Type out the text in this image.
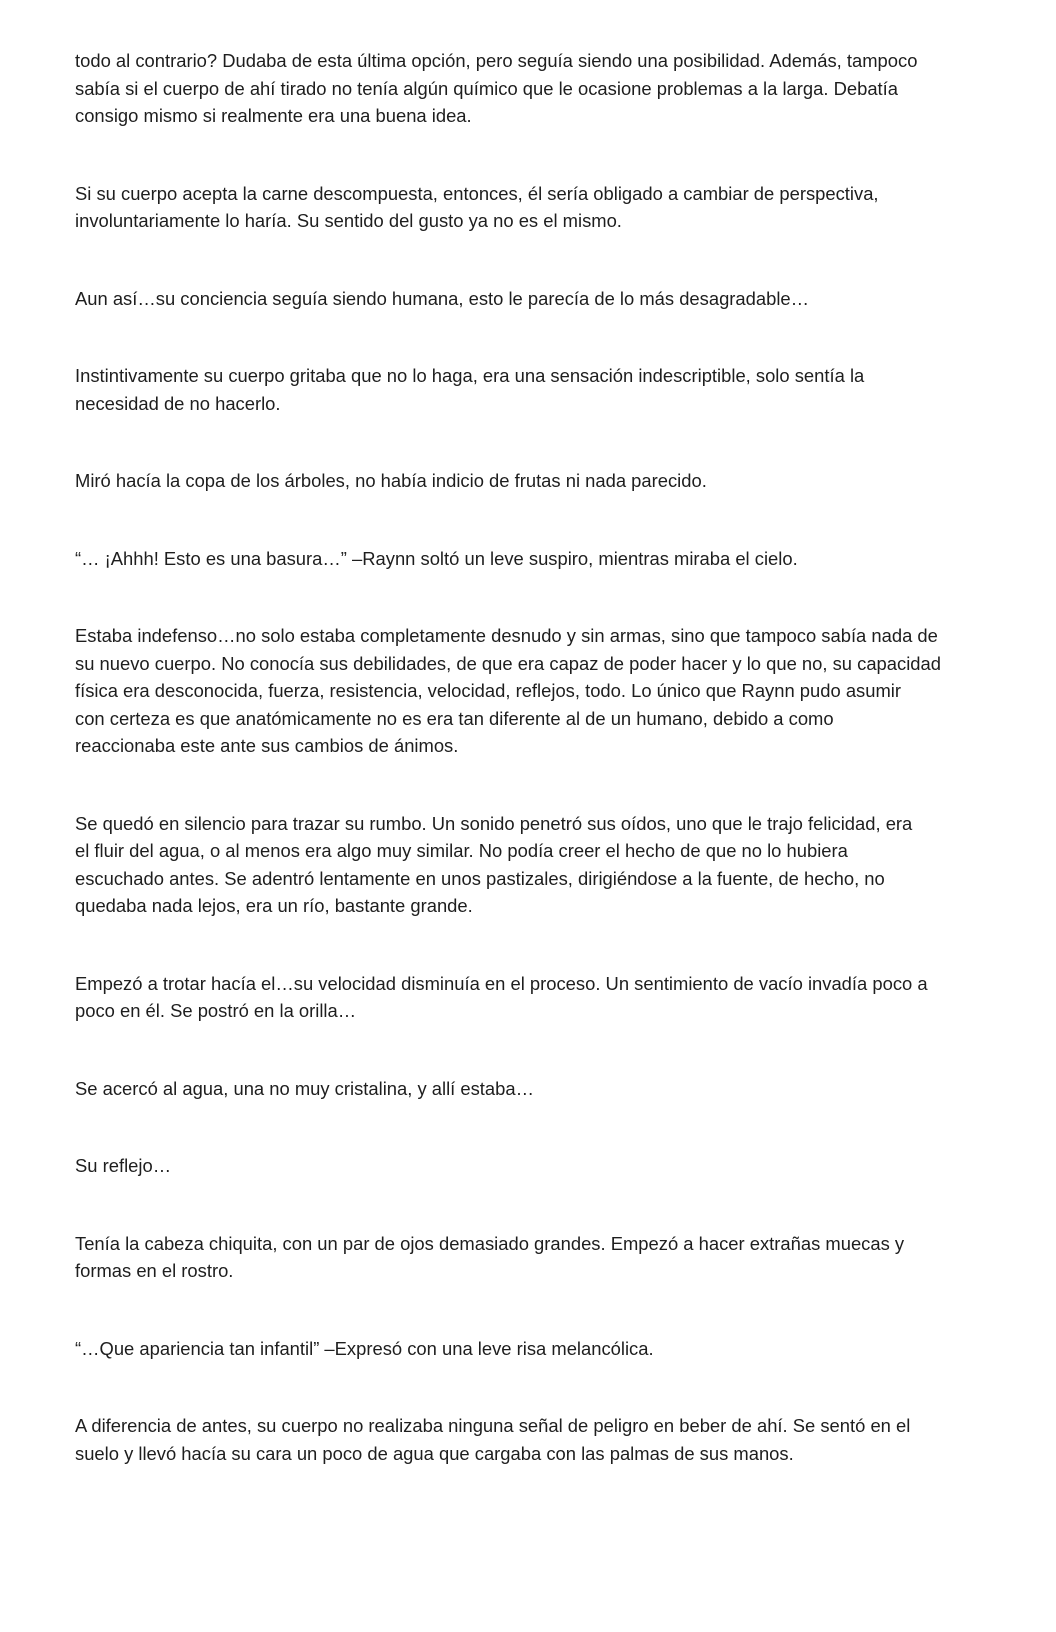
todo al contrario? Dudaba de esta última opción, pero seguía siendo una posibilidad. Además, tampoco
sabía si el cuerpo de ahí tirado no tenía algún químico que le ocasione problemas a la larga. Debatía
consigo mismo si realmente era una buena idea.

Si su cuerpo acepta la carne descompuesta, entonces, él sería obligado a cambiar de perspectiva,
involuntariamente lo haría. Su sentido del gusto ya no es el mismo.

Aun así…su conciencia seguía siendo humana, esto le parecía de lo más desagradable…

Instintivamente su cuerpo gritaba que no lo haga, era una sensación indescriptible, solo sentía la
necesidad de no hacerlo.

Miró hacía la copa de los árboles, no había indicio de frutas ni nada parecido.

“… ¡Ahhh! Esto es una basura…” –Raynn soltó un leve suspiro, mientras miraba el cielo.

Estaba indefenso…no solo estaba completamente desnudo y sin armas, sino que tampoco sabía nada de
su nuevo cuerpo. No conocía sus debilidades, de que era capaz de poder hacer y lo que no, su capacidad
física era desconocida, fuerza, resistencia, velocidad, reflejos, todo. Lo único que Raynn pudo asumir
con certeza es que anatómicamente no es era tan diferente al de un humano, debido a como
reaccionaba este ante sus cambios de ánimos.

Se quedó en silencio para trazar su rumbo. Un sonido penetró sus oídos, uno que le trajo felicidad, era
el fluir del agua, o al menos era algo muy similar. No podía creer el hecho de que no lo hubiera
escuchado antes. Se adentró lentamente en unos pastizales, dirigiéndose a la fuente, de hecho, no
quedaba nada lejos, era un río, bastante grande.

Empezó a trotar hacía el…su velocidad disminuía en el proceso. Un sentimiento de vacío invadía poco a
poco en él. Se postró en la orilla…

Se acercó al agua, una no muy cristalina, y allí estaba…

Su reflejo…

Tenía la cabeza chiquita, con un par de ojos demasiado grandes. Empezó a hacer extrañas muecas y
formas en el rostro.

“…Que apariencia tan infantil” –Expresó con una leve risa melancólica.

A diferencia de antes, su cuerpo no realizaba ninguna señal de peligro en beber de ahí. Se sentó en el
suelo y llevó hacía su cara un poco de agua que cargaba con las palmas de sus manos.
